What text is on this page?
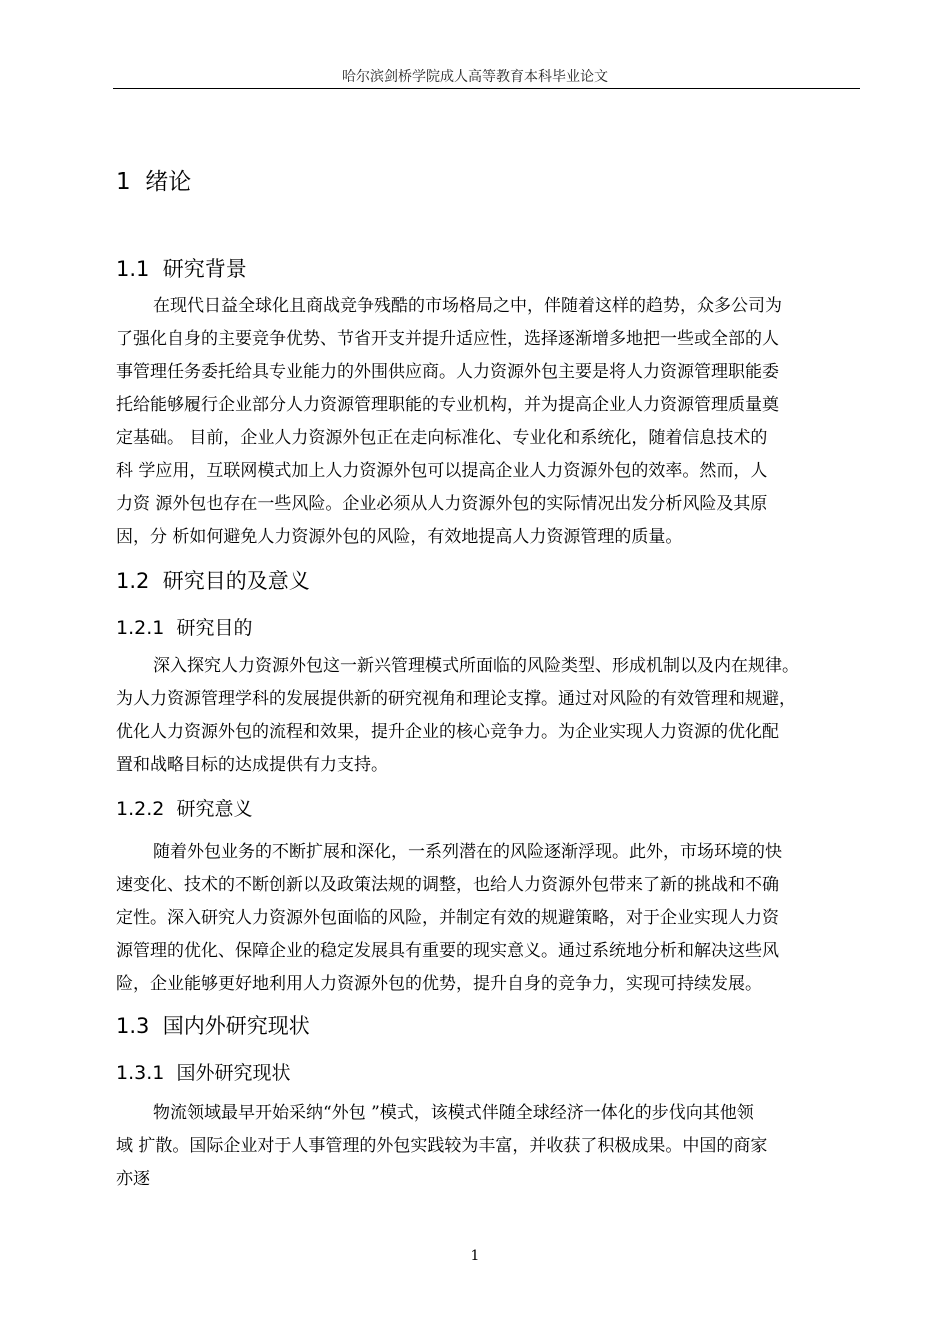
哈尔滨剑桥学院成人高等教育本科毕业论文
1 绪论
1.1 研究背景
在现代日益全球化且商战竞争残酷的市场格局之中，伴随着这样的趋势，众多公司为
了强化自身的主要竞争优势、节省开支并提升适应性，选择逐渐增多地把一些或全部的人
事管理任务委托给具专业能力的外围供应商。人力资源外包主要是将人力资源管理职能委
托给能够履行企业部分人力资源管理职能的专业机构，并为提高企业人力资源管理质量奠
定基础。 目前，企业人力资源外包正在走向标准化、专业化和系统化，随着信息技术的
科 学应用，互联网模式加上人力资源外包可以提高企业人力资源外包的效率。然而，人
力资 源外包也存在一些风险。企业必须从人力资源外包的实际情况出发分析风险及其原
因，分 析如何避免人力资源外包的风险，有效地提高人力资源管理的质量。
1.2 研究目的及意义
1.2.1 研究目的
深入探究人力资源外包这一新兴管理模式所面临的风险类型、形成机制以及内在规律。
为人力资源管理学科的发展提供新的研究视角和理论支撑。通过对风险的有效管理和规避，
优化人力资源外包的流程和效果，提升企业的核心竞争力。为企业实现人力资源的优化配
置和战略目标的达成提供有力支持。
1.2.2 研究意义
随着外包业务的不断扩展和深化，一系列潜在的风险逐渐浮现。此外，市场环境的快
速变化、技术的不断创新以及政策法规的调整，也给人力资源外包带来了新的挑战和不确
定性。深入研究人力资源外包面临的风险，并制定有效的规避策略，对于企业实现人力资
源管理的优化、保障企业的稳定发展具有重要的现实意义。通过系统地分析和解决这些风
险，企业能够更好地利用人力资源外包的优势，提升自身的竞争力，实现可持续发展。
1.3 国内外研究现状
1.3.1 国外研究现状
物流领域最早开始采纳“外包 ”模式，该模式伴随全球经济一体化的步伐向其他领
域 扩散。国际企业对于人事管理的外包实践较为丰富，并收获了积极成果。中国的商家
亦逐
1
